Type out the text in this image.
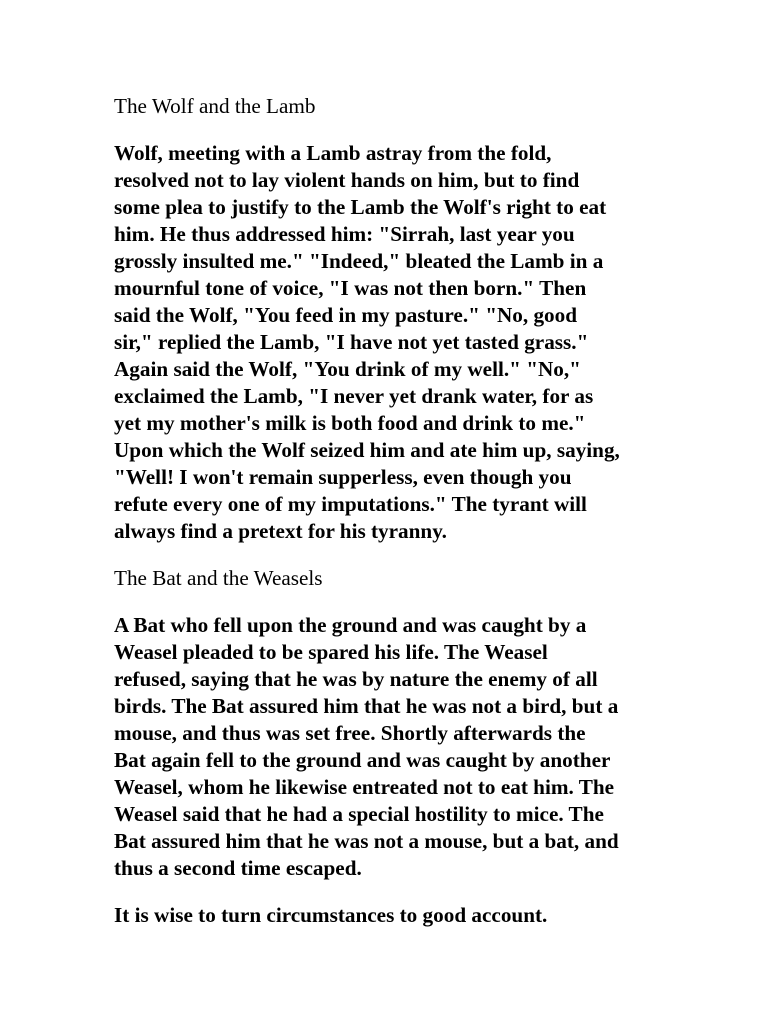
The Wolf and the Lamb
Wolf, meeting with a Lamb astray from the fold,
resolved not to lay violent hands on him, but to find
some plea to justify to the Lamb the Wolf's right to eat
him. He thus addressed him: "Sirrah, last year you
grossly insulted me." "Indeed," bleated the Lamb in a
mournful tone of voice, "I was not then born." Then
said the Wolf, "You feed in my pasture." "No, good
sir," replied the Lamb, "I have not yet tasted grass."
Again said the Wolf, "You drink of my well." "No,"
exclaimed the Lamb, "I never yet drank water, for as
yet my mother's milk is both food and drink to me."
Upon which the Wolf seized him and ate him up, saying,
"Well! I won't remain supperless, even though you
refute every one of my imputations." The tyrant will
always find a pretext for his tyranny.
The Bat and the Weasels
A Bat who fell upon the ground and was caught by a
Weasel pleaded to be spared his life. The Weasel
refused, saying that he was by nature the enemy of all
birds. The Bat assured him that he was not a bird, but a
mouse, and thus was set free. Shortly afterwards the
Bat again fell to the ground and was caught by another
Weasel, whom he likewise entreated not to eat him. The
Weasel said that he had a special hostility to mice. The
Bat assured him that he was not a mouse, but a bat, and
thus a second time escaped.
It is wise to turn circumstances to good account.
